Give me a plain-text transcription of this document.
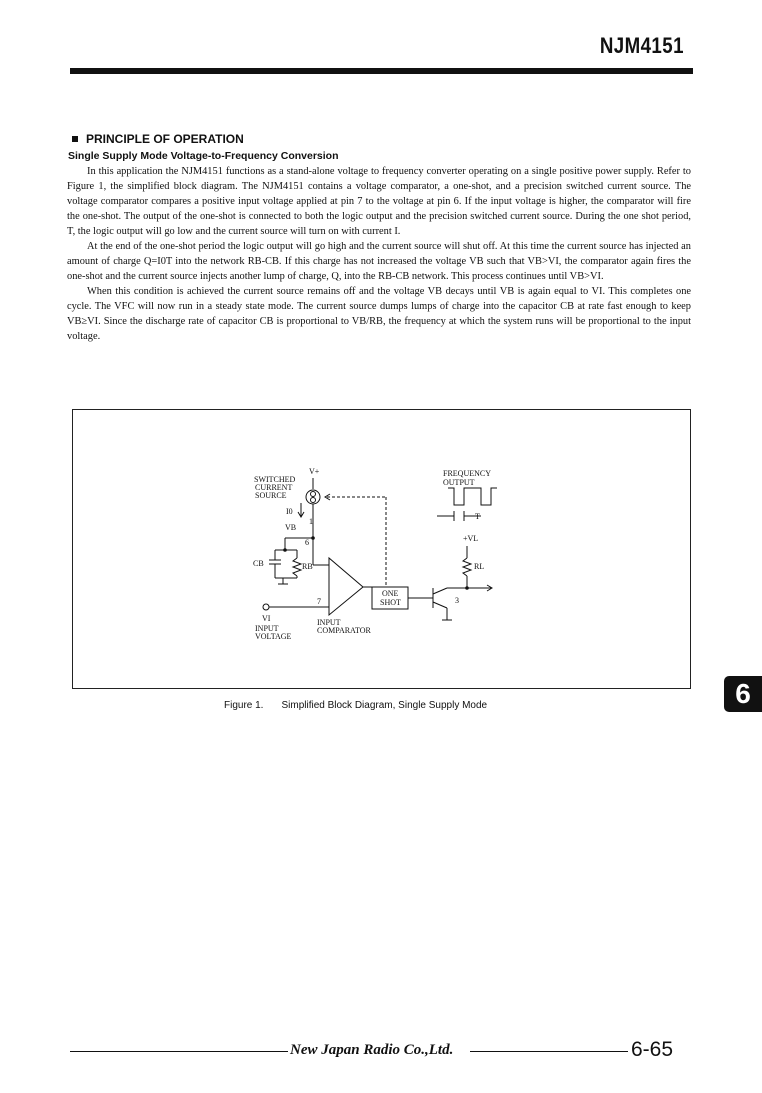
NJM4151
PRINCIPLE OF OPERATION
Single Supply Mode Voltage-to-Frequency Conversion

In this application the NJM4151 functions as a stand-alone voltage to frequency converter operating on a single positive power supply. Refer to Figure 1, the simplified block diagram. The NJM4151 contains a voltage comparator, a one-shot, and a precision switched current source. The voltage comparator compares a positive input voltage applied at pin 7 to the voltage at pin 6. If the input voltage is higher, the comparator will fire the one-shot. The output of the one-shot is connected to both the logic output and the precision switched current source. During the one shot period, T, the logic output will go low and the current source will turn on with current I.

At the end of the one-shot period the logic output will go high and the current source will shut off. At this time the current source has injected an amount of charge Q=I0T into the network RB-CB. If this charge has not increased the voltage VB such that VB>VI, the comparator again fires the one-shot and the current source injects another lump of charge, Q, into the RB-CB network. This process continues until VB>VI.

When this condition is achieved the current source remains off and the voltage VB decays until VB is again equal to VI. This completes one cycle. The VFC will now run in a steady state mode. The current source dumps lumps of charge into the capacitor CB at rate fast enough to keep VB≥VI. Since the discharge rate of capacitor CB is proportional to VB/RB, the frequency at which the system runs will be proportional to the input voltage.

SWITCHED
CURRENT
SOURCE
V+
I0
1
VB
6
CB	RB
7
VI
INPUT
VOLTAGE
INPUT
COMPARATOR
ONE
SHOT
FREQUENCY
OUTPUT
T
+VL
RL
3
Figure 1. Simplified Block Diagram, Single Supply Mode	6
New Japan Radio Co.,Ltd.	6-65
